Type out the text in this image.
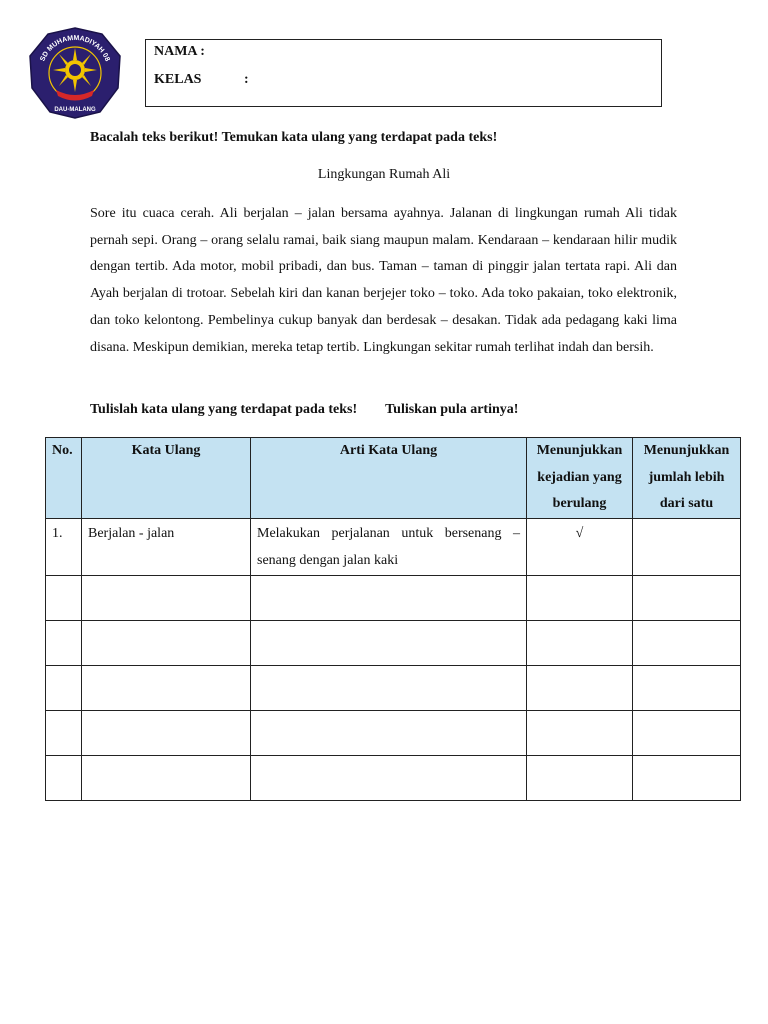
SD MUHAMMADIYAH 08
DAU-MALANG
NAMA :
KELAS	:
Bacalah teks berikut! Temukan kata ulang yang terdapat pada teks!
Lingkungan Rumah Ali

Sore itu cuaca cerah. Ali berjalan – jalan bersama ayahnya. Jalanan di lingkungan rumah Ali tidak pernah sepi. Orang – orang selalu ramai, baik siang maupun malam. Kendaraan – kendaraan hilir mudik dengan tertib. Ada motor, mobil pribadi, dan bus. Taman – taman di pinggir jalan tertata rapi. Ali dan Ayah berjalan di trotoar. Sebelah kiri dan kanan berjejer toko – toko. Ada toko pakaian, toko elektronik, dan toko kelontong. Pembelinya cukup banyak dan berdesak – desakan. Tidak ada pedagang kaki lima disana. Meskipun demikian, mereka tetap tertib. Lingkungan sekitar rumah terlihat indah dan bersih.

Tulislah kata ulang yang terdapat pada teks! Tuliskan pula artinya!
No.	Kata Ulang	Arti Kata Ulang	Menunjukkan kejadian yang berulang	Menunjukkan jumlah lebih dari satu
1.	Berjalan - jalan	Melakukan perjalanan untuk bersenang – senang dengan jalan kaki	√	
